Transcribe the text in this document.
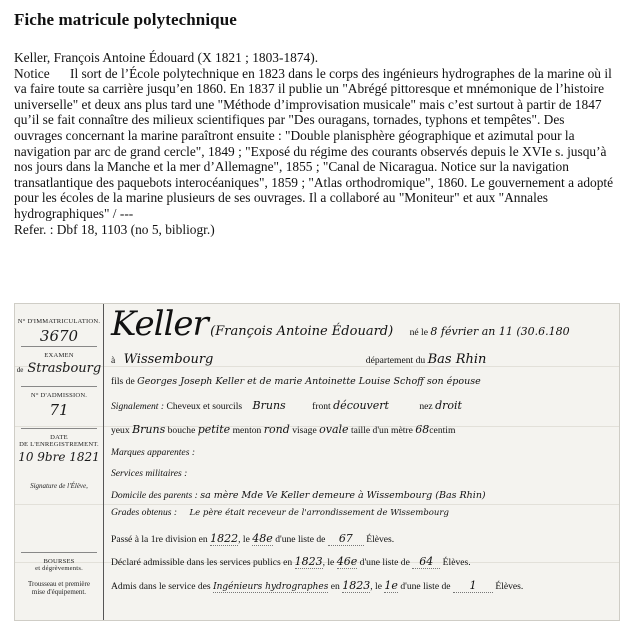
Fiche matricule polytechnique

Keller, François Antoine Édouard (X 1821 ; 1803-1874).

Notice Il sort de l’École polytechnique en 1823 dans le corps des ingénieurs hydrographes de la marine où il va faire toute sa carrière jusqu’en 1860. En 1837 il publie un "Abrégé pittoresque et mnémonique de l’histoire universelle" et deux ans plus tard une "Méthode d’improvisation musicale" mais c’est surtout à partir de 1847 qu’il se fait connaître des milieux scientifiques par "Des ouragans, tornades, typhons et tempêtes". Des ouvrages concernant la marine paraîtront ensuite : "Double planisphère géographique et azimutal pour la navigation par arc de grand cercle", 1849 ; "Exposé du régime des courants observés depuis le XVIe s. jusqu’à nos jours dans la Manche et la mer d’Allemagne", 1855 ; "Canal de Nicaragua. Notice sur la navigation transatlantique des paquebots interocéaniques", 1859 ; "Atlas orthodromique", 1860. Le gouvernement a adopté pour les écoles de la marine plusieurs de ses ouvrages. Il a collaboré au "Moniteur" et aux "Annales hydrographiques" / ---

Refer. : Dbf 18, 1103 (no 5, bibliogr.)

N° D'IMMATRICULATION.
3670
EXAMEN
de Strasbourg
N° D'ADMISSION.
71
DATE
DE L'ENREGISTREMENT.
10 9bre 1821
Signature de l'Élève,
BOURSES
et dégrèvements.
Trousseau et première mise d'équipement.
Keller (François Antoine Édouard) né le 8 février an 11 (30.6.180
à Wissembourg	département du Bas Rhin
fils de Georges Joseph Keller et de marie Antoinette Louise Schoff son épouse
Signalement : Cheveux et sourcils Bruns	front découvert	nez droit
yeux Bruns bouche petite menton rond visage ovale taille d'un mètre 68centim
Marques apparentes :
Services militaires :
Domicile des parents : sa mère Mde Ve Keller demeure à Wissembourg (Bas Rhin)
Grades obtenus : Le père était receveur de l'arrondissement de Wissembourg
Passé à la 1re division en 1822, le 48e d'une liste de 67 Élèves.
Déclaré admissible dans les services publics en 1823, le 46e d'une liste de 64 Élèves.
Admis dans le service des Ingénieurs hydrographes en 1823, le 1e d'une liste de 1 Élèves.
